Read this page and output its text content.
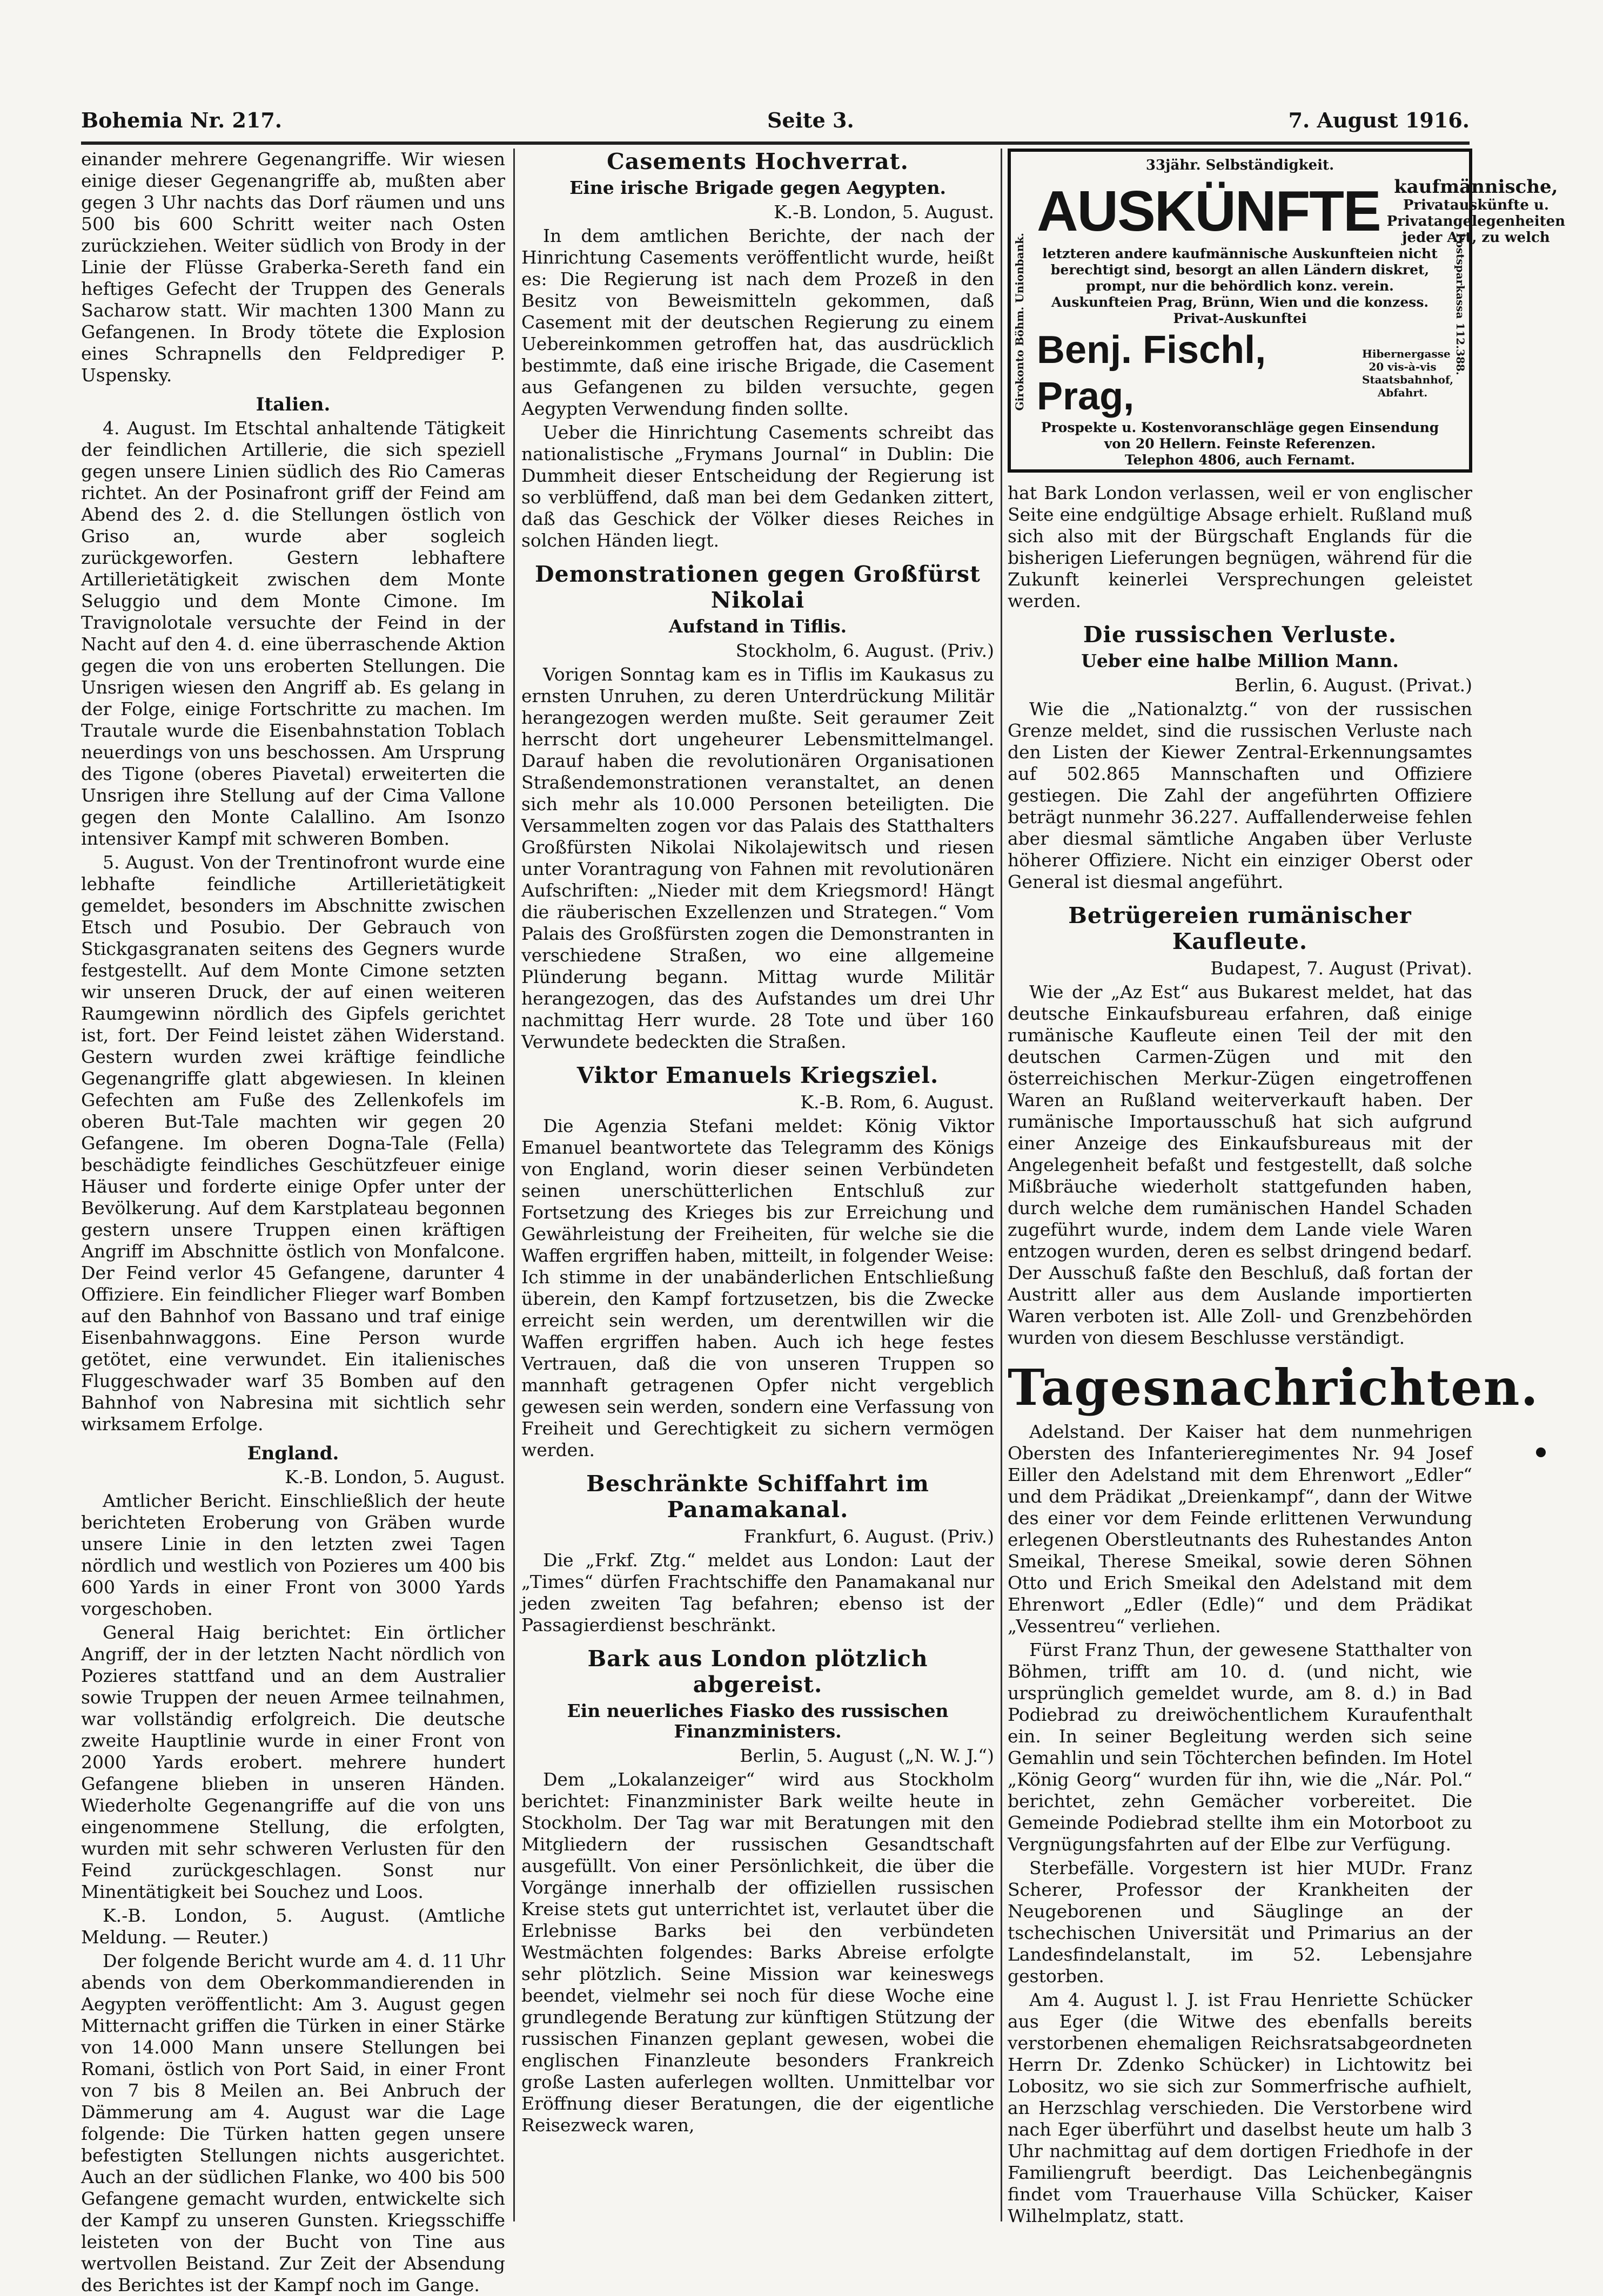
Bohemia Nr. 217.	Seite 3.	7. August 1916.

einander mehrere Gegenangriffe. Wir wiesen einige dieser Gegenangriffe ab, mußten aber gegen 3 Uhr nachts das Dorf räumen und uns 500 bis 600 Schritt weiter nach Osten zurückziehen. Weiter südlich von Brody in der Linie der Flüsse Graberka-Sereth fand ein heftiges Gefecht der Truppen des Generals Sacharow statt. Wir machten 1300 Mann zu Gefangenen. In Brody tötete die Explosion eines Schrapnells den Feldprediger P. Uspensky.

Italien.

4. August. Im Etschtal anhaltende Tätigkeit der feindlichen Artillerie, die sich speziell gegen unsere Linien südlich des Rio Cameras richtet. An der Posinafront griff der Feind am Abend des 2. d. die Stellungen östlich von Griso an, wurde aber sogleich zurückgeworfen. Gestern lebhaftere Artillerietätigkeit zwischen dem Monte Seluggio und dem Monte Cimone. Im Travignolotale versuchte der Feind in der Nacht auf den 4. d. eine überraschende Aktion gegen die von uns eroberten Stellungen. Die Unsrigen wiesen den Angriff ab. Es gelang in der Folge, einige Fortschritte zu machen. Im Trautale wurde die Eisenbahnstation Toblach neuerdings von uns beschossen. Am Ursprung des Tigone (oberes Piavetal) erweiterten die Unsrigen ihre Stellung auf der Cima Vallone gegen den Monte Calallino. Am Isonzo intensiver Kampf mit schweren Bomben.

5. August. Von der Trentinofront wurde eine lebhafte feindliche Artillerietätigkeit gemeldet, besonders im Abschnitte zwischen Etsch und Posubio. Der Gebrauch von Stickgasgranaten seitens des Gegners wurde festgestellt. Auf dem Monte Cimone setzten wir unseren Druck, der auf einen weiteren Raumgewinn nördlich des Gipfels gerichtet ist, fort. Der Feind leistet zähen Widerstand. Gestern wurden zwei kräftige feindliche Gegenangriffe glatt abgewiesen. In kleinen Gefechten am Fuße des Zellenkofels im oberen But-Tale machten wir gegen 20 Gefangene. Im oberen Dogna-Tale (Fella) beschädigte feindliches Geschützfeuer einige Häuser und forderte einige Opfer unter der Bevölkerung. Auf dem Karstplateau begonnen gestern unsere Truppen einen kräftigen Angriff im Abschnitte östlich von Monfalcone. Der Feind verlor 45 Gefangene, darunter 4 Offiziere. Ein feindlicher Flieger warf Bomben auf den Bahnhof von Bassano und traf einige Eisenbahnwaggons. Eine Person wurde getötet, eine verwundet. Ein italienisches Fluggeschwader warf 35 Bomben auf den Bahnhof von Nabresina mit sichtlich sehr wirksamem Erfolge.

England.
K.-B. London, 5. August.

Amtlicher Bericht. Einschließlich der heute berichteten Eroberung von Gräben wurde unsere Linie in den letzten zwei Tagen nördlich und westlich von Pozieres um 400 bis 600 Yards in einer Front von 3000 Yards vorgeschoben.

General Haig berichtet: Ein örtlicher Angriff, der in der letzten Nacht nördlich von Pozieres stattfand und an dem Australier sowie Truppen der neuen Armee teilnahmen, war vollständig erfolgreich. Die deutsche zweite Hauptlinie wurde in einer Front von 2000 Yards erobert. mehrere hundert Gefangene blieben in unseren Händen. Wiederholte Gegenangriffe auf die von uns eingenommene Stellung, die erfolgten, wurden mit sehr schweren Verlusten für den Feind zurückgeschlagen. Sonst nur Minentätigkeit bei Souchez und Loos.

K.-B. London, 5. August. (Amtliche Meldung. — Reuter.)

Der folgende Bericht wurde am 4. d. 11 Uhr abends von dem Oberkommandierenden in Aegypten veröffentlicht: Am 3. August gegen Mitternacht griffen die Türken in einer Stärke von 14.000 Mann unsere Stellungen bei Romani, östlich von Port Said, in einer Front von 7 bis 8 Meilen an. Bei Anbruch der Dämmerung am 4. August war die Lage folgende: Die Türken hatten gegen unsere befestigten Stellungen nichts ausgerichtet. Auch an der südlichen Flanke, wo 400 bis 500 Gefangene gemacht wurden, entwickelte sich der Kampf zu unseren Gunsten. Kriegsschiffe leisteten von der Bucht von Tine aus wertvollen Beistand. Zur Zeit der Absendung des Berichtes ist der Kampf noch im Gange.

Casements Hochverrat.
Eine irische Brigade gegen Aegypten.
K.-B. London, 5. August.

In dem amtlichen Berichte, der nach der Hinrichtung Casements veröffentlicht wurde, heißt es: Die Regierung ist nach dem Prozeß in den Besitz von Beweismitteln gekommen, daß Casement mit der deutschen Regierung zu einem Uebereinkommen getroffen hat, das ausdrücklich bestimmte, daß eine irische Brigade, die Casement aus Gefangenen zu bilden versuchte, gegen Aegypten Verwendung finden sollte.

Ueber die Hinrichtung Casements schreibt das nationalistische „Frymans Journal“ in Dublin: Die Dummheit dieser Entscheidung der Regierung ist so verblüffend, daß man bei dem Gedanken zittert, daß das Geschick der Völker dieses Reiches in solchen Händen liegt.

Demonstrationen gegen Großfürst Nikolai
Aufstand in Tiflis.
Stockholm, 6. August. (Priv.)

Vorigen Sonntag kam es in Tiflis im Kaukasus zu ernsten Unruhen, zu deren Unterdrückung Militär herangezogen werden mußte. Seit geraumer Zeit herrscht dort ungeheurer Lebensmittelmangel. Darauf haben die revolutionären Organisationen Straßendemonstrationen veranstaltet, an denen sich mehr als 10.000 Personen beteiligten. Die Versammelten zogen vor das Palais des Statthalters Großfürsten Nikolai Nikolajewitsch und riesen unter Vorantragung von Fahnen mit revolutionären Aufschriften: „Nieder mit dem Kriegsmord! Hängt die räuberischen Exzellenzen und Strategen.“ Vom Palais des Großfürsten zogen die Demonstranten in verschiedene Straßen, wo eine allgemeine Plünderung begann. Mittag wurde Militär herangezogen, das des Aufstandes um drei Uhr nachmittag Herr wurde. 28 Tote und über 160 Verwundete bedeckten die Straßen.

Viktor Emanuels Kriegsziel.
K.-B. Rom, 6. August.

Die Agenzia Stefani meldet: König Viktor Emanuel beantwortete das Telegramm des Königs von England, worin dieser seinen Verbündeten seinen unerschütterlichen Entschluß zur Fortsetzung des Krieges bis zur Erreichung und Gewährleistung der Freiheiten, für welche sie die Waffen ergriffen haben, mitteilt, in folgender Weise: Ich stimme in der unabänderlichen Entschließung überein, den Kampf fortzusetzen, bis die Zwecke erreicht sein werden, um derentwillen wir die Waffen ergriffen haben. Auch ich hege festes Vertrauen, daß die von unseren Truppen so mannhaft getragenen Opfer nicht vergeblich gewesen sein werden, sondern eine Verfassung von Freiheit und Gerechtigkeit zu sichern vermögen werden.

Beschränkte Schiffahrt im Panamakanal.
Frankfurt, 6. August. (Priv.)

Die „Frkf. Ztg.“ meldet aus London: Laut der „Times“ dürfen Frachtschiffe den Panamakanal nur jeden zweiten Tag befahren; ebenso ist der Passagierdienst beschränkt.

Bark aus London plötzlich abgereist.
Ein neuerliches Fiasko des russischen Finanzministers.
Berlin, 5. August („N. W. J.“)

Dem „Lokalanzeiger“ wird aus Stockholm berichtet: Finanzminister Bark weilte heute in Stockholm. Der Tag war mit Beratungen mit den Mitgliedern der russischen Gesandtschaft ausgefüllt. Von einer Persönlichkeit, die über die Vorgänge innerhalb der offiziellen russischen Kreise stets gut unterrichtet ist, verlautet über die Erlebnisse Barks bei den verbündeten Westmächten folgendes: Barks Abreise erfolgte sehr plötzlich. Seine Mission war keineswegs beendet, vielmehr sei noch für diese Woche eine grundlegende Beratung zur künftigen Stützung der russischen Finanzen geplant gewesen, wobei die englischen Finanzleute besonders Frankreich große Lasten auferlegen wollten. Unmittelbar vor Eröffnung dieser Beratungen, die der eigentliche Reisezweck waren,

33jähr. Selbständigkeit.
Girokonto Böhm. Unionbank.	Postsparkassa 112.388.
AUSKÜNFTE kaufmännische,
Privatauskünfte u. Privatangelegenheiten jeder Art, zu welch
letzteren andere kaufmännische Auskunfteien nicht berechtigt sind, besorgt an allen Ländern diskret, prompt, nur die behördlich konz. verein. Auskunfteien Prag, Brünn, Wien und die konzess. Privat-Auskunftei
Benj. Fischl, Prag,
Hibernergasse 20 vis-à-vis Staatsbahnhof, Abfahrt.
Prospekte u. Kostenvoranschläge gegen Einsendung von 20 Hellern. Feinste Referenzen.
Telephon 4806, auch Fernamt.

hat Bark London verlassen, weil er von englischer Seite eine endgültige Absage erhielt. Rußland muß sich also mit der Bürgschaft Englands für die bisherigen Lieferungen begnügen, während für die Zukunft keinerlei Versprechungen geleistet werden.

Die russischen Verluste.
Ueber eine halbe Million Mann.
Berlin, 6. August. (Privat.)

Wie die „Nationalztg.“ von der russischen Grenze meldet, sind die russischen Verluste nach den Listen der Kiewer Zentral-Erkennungsamtes auf 502.865 Mannschaften und Offiziere gestiegen. Die Zahl der angeführten Offiziere beträgt nunmehr 36.227. Auffallenderweise fehlen aber diesmal sämtliche Angaben über Verluste höherer Offiziere. Nicht ein einziger Oberst oder General ist diesmal angeführt.

Betrügereien rumänischer Kaufleute.
Budapest, 7. August (Privat).

Wie der „Az Est“ aus Bukarest meldet, hat das deutsche Einkaufsbureau erfahren, daß einige rumänische Kaufleute einen Teil der mit den deutschen Carmen-Zügen und mit den österreichischen Merkur-Zügen eingetroffenen Waren an Rußland weiterverkauft haben. Der rumänische Importausschuß hat sich aufgrund einer Anzeige des Einkaufsbureaus mit der Angelegenheit befaßt und festgestellt, daß solche Mißbräuche wiederholt stattgefunden haben, durch welche dem rumänischen Handel Schaden zugeführt wurde, indem dem Lande viele Waren entzogen wurden, deren es selbst dringend bedarf. Der Ausschuß faßte den Beschluß, daß fortan der Austritt aller aus dem Auslande importierten Waren verboten ist. Alle Zoll- und Grenzbehörden wurden von diesem Beschlusse verständigt.

Tagesnachrichten.

Adelstand. Der Kaiser hat dem nunmehrigen Obersten des Infanterieregimentes Nr. 94 Josef Eiller den Adelstand mit dem Ehrenwort „Edler“ und dem Prädikat „Dreienkampf“, dann der Witwe des einer vor dem Feinde erlittenen Verwundung erlegenen Oberstleutnants des Ruhestandes Anton Smeikal, Therese Smeikal, sowie deren Söhnen Otto und Erich Smeikal den Adelstand mit dem Ehrenwort „Edler (Edle)“ und dem Prädikat „Vessentreu“ verliehen.

Fürst Franz Thun, der gewesene Statthalter von Böhmen, trifft am 10. d. (und nicht, wie ursprünglich gemeldet wurde, am 8. d.) in Bad Podiebrad zu dreiwöchentlichem Kuraufenthalt ein. In seiner Begleitung werden sich seine Gemahlin und sein Töchterchen befinden. Im Hotel „König Georg“ wurden für ihn, wie die „Nár. Pol.“ berichtet, zehn Gemächer vorbereitet. Die Gemeinde Podiebrad stellte ihm ein Motorboot zu Vergnügungsfahrten auf der Elbe zur Verfügung.

Sterbefälle. Vorgestern ist hier MUDr. Franz Scherer, Professor der Krankheiten der Neugeborenen und Säuglinge an der tschechischen Universität und Primarius an der Landesfindelanstalt, im 52. Lebensjahre gestorben.

Am 4. August l. J. ist Frau Henriette Schücker aus Eger (die Witwe des ebenfalls bereits verstorbenen ehemaligen Reichsratsabgeordneten Herrn Dr. Zdenko Schücker) in Lichtowitz bei Lobositz, wo sie sich zur Sommerfrische aufhielt, an Herzschlag verschieden. Die Verstorbene wird nach Eger überführt und daselbst heute um halb 3 Uhr nachmittag auf dem dortigen Friedhofe in der Familiengruft beerdigt. Das Leichenbegängnis findet vom Trauerhause Villa Schücker, Kaiser Wilhelmplatz, statt.
